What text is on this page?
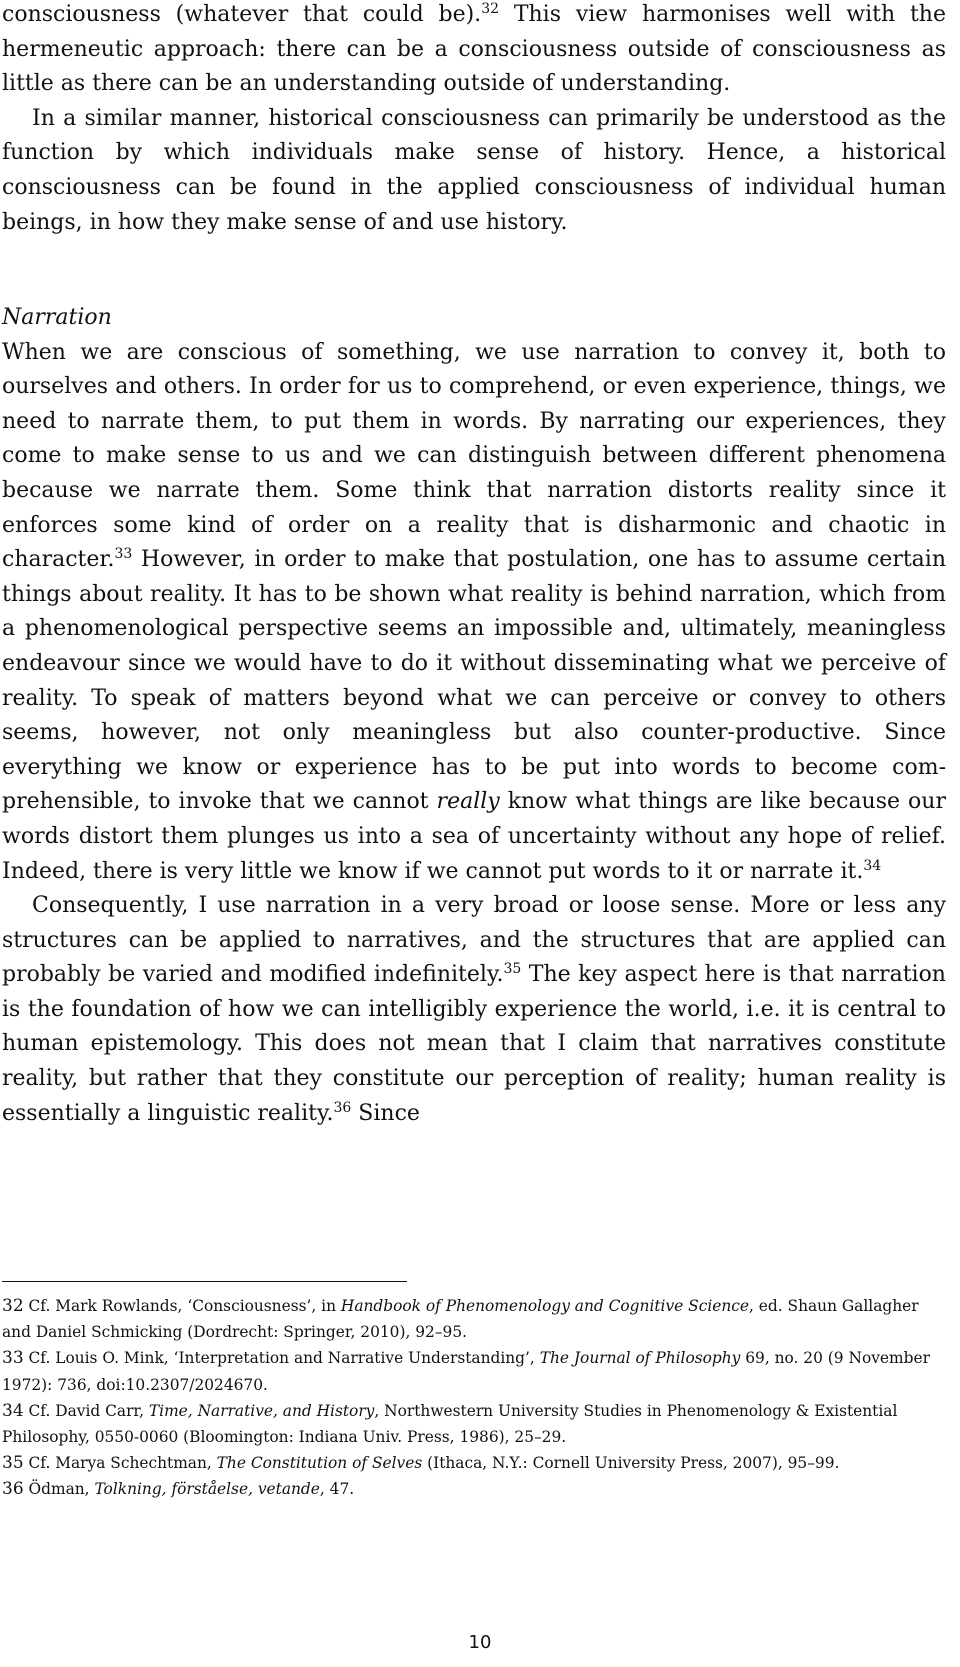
consciousness (whatever that could be).$^{32}$ This view harmonises well with the hermeneutic approach: there can be a consciousness outside of consciousness as little as there can be an understanding outside of understanding.

In a similar manner, historical consciousness can primarily be understood as the function by which individuals make sense of history. Hence, a historical consciousness can be found in the applied consciousness of individual human beings, in how they make sense of and use history.

Narration

When we are conscious of something, we use narration to convey it, both to ourselves and others. In order for us to comprehend, or even experience, things, we need to narrate them, to put them in words. By narrating our experiences, they come to make sense to us and we can distinguish between different phenomena because we narrate them. Some think that narration distorts reality since it enforces some kind of order on a reality that is disharmonic and chaotic in character.$^{33}$ However, in order to make that postulation, one has to assume certain things about reality. It has to be shown what reality is behind narration, which from a phenomenological perspective seems an impossible and, ultimately, meaningless endeavour since we would have to do it without disseminating what we perceive of reality. To speak of matters beyond what we can perceive or convey to others seems, however, not only meaningless but also counter-productive. Since everything we know or experience has to be put into words to become comprehensible, to invoke that we cannot really know what things are like because our words distort them plunges us into a sea of uncertainty without any hope of relief. Indeed, there is very little we know if we cannot put words to it or narrate it.$^{34}$

Consequently, I use narration in a very broad or loose sense. More or less any structures can be applied to narratives, and the structures that are applied can probably be varied and modified indefinitely.$^{35}$ The key aspect here is that narration is the foundation of how we can intelligibly experience the world, i.e. it is central to human epistemology. This does not mean that I claim that narratives constitute reality, but rather that they constitute our perception of reality; human reality is essentially a linguistic reality.$^{36}$ Since

32 Cf. Mark Rowlands, ‘Consciousness’, in Handbook of Phenomenology and Cognitive Science, ed. Shaun Gallagher and Daniel Schmicking (Dordrecht: Springer, 2010), 92–95.

33 Cf. Louis O. Mink, ‘Interpretation and Narrative Understanding’, The Journal of Philosophy 69, no. 20 (9 November 1972): 736, doi:10.2307/2024670.

34 Cf. David Carr, Time, Narrative, and History, Northwestern University Studies in Phenomenology & Existential Philosophy, 0550-0060 (Bloomington: Indiana Univ. Press, 1986), 25–29.

35 Cf. Marya Schechtman, The Constitution of Selves (Ithaca, N.Y.: Cornell University Press, 2007), 95–99.

36 Ödman, Tolkning, förståelse, vetande, 47.

10
